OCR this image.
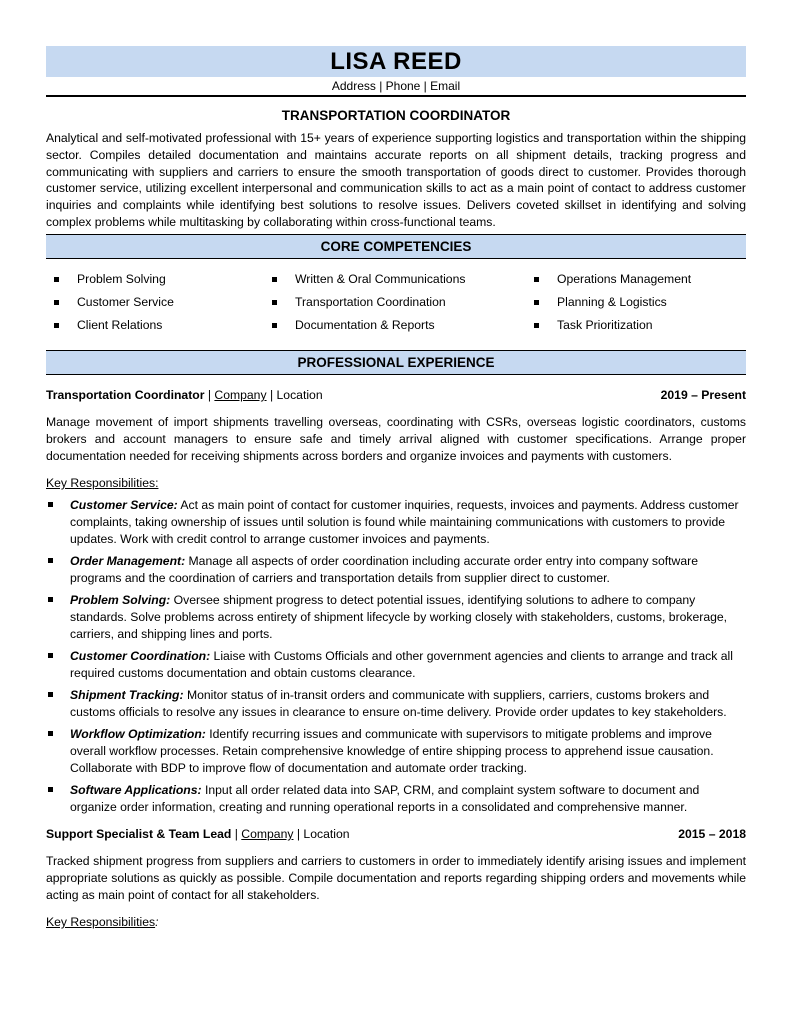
LISA REED
Address | Phone | Email
TRANSPORTATION COORDINATOR

Analytical and self-motivated professional with 15+ years of experience supporting logistics and transportation within the shipping sector. Compiles detailed documentation and maintains accurate reports on all shipment details, tracking progress and communicating with suppliers and carriers to ensure the smooth transportation of goods direct to customer. Provides thorough customer service, utilizing excellent interpersonal and communication skills to act as a main point of contact to address customer inquiries and complaints while identifying best solutions to resolve issues. Delivers coveted skillset in identifying and solving complex problems while multitasking by collaborating within cross-functional teams.

CORE COMPETENCIES
Problem Solving
Customer Service
Client Relations
Written & Oral Communications
Transportation Coordination
Documentation & Reports
Operations Management
Planning & Logistics
Task Prioritization
PROFESSIONAL EXPERIENCE
Transportation Coordinator | Company | Location	2019 – Present

Manage movement of import shipments travelling overseas, coordinating with CSRs, overseas logistic coordinators, customs brokers and account managers to ensure safe and timely arrival aligned with customer specifications. Arrange proper documentation needed for receiving shipments across borders and organize invoices and payments with customers.

Key Responsibilities:
Customer Service: Act as main point of contact for customer inquiries, requests, invoices and payments. Address customer complaints, taking ownership of issues until solution is found while maintaining communications with customers to provide updates. Work with credit control to arrange customer invoices and payments.
Order Management: Manage all aspects of order coordination including accurate order entry into company software programs and the coordination of carriers and transportation details from supplier direct to customer.
Problem Solving: Oversee shipment progress to detect potential issues, identifying solutions to adhere to company standards. Solve problems across entirety of shipment lifecycle by working closely with stakeholders, customs, brokerage, carriers, and shipping lines and ports.
Customer Coordination: Liaise with Customs Officials and other government agencies and clients to arrange and track all required customs documentation and obtain customs clearance.
Shipment Tracking: Monitor status of in-transit orders and communicate with suppliers, carriers, customs brokers and customs officials to resolve any issues in clearance to ensure on-time delivery. Provide order updates to key stakeholders.
Workflow Optimization: Identify recurring issues and communicate with supervisors to mitigate problems and improve overall workflow processes. Retain comprehensive knowledge of entire shipping process to apprehend issue causation. Collaborate with BDP to improve flow of documentation and automate order tracking.
Software Applications: Input all order related data into SAP, CRM, and complaint system software to document and organize order information, creating and running operational reports in a consolidated and comprehensive manner.
Support Specialist & Team Lead | Company | Location	2015 – 2018

Tracked shipment progress from suppliers and carriers to customers in order to immediately identify arising issues and implement appropriate solutions as quickly as possible. Compile documentation and reports regarding shipping orders and movements while acting as main point of contact for all stakeholders.

Key Responsibilities:
